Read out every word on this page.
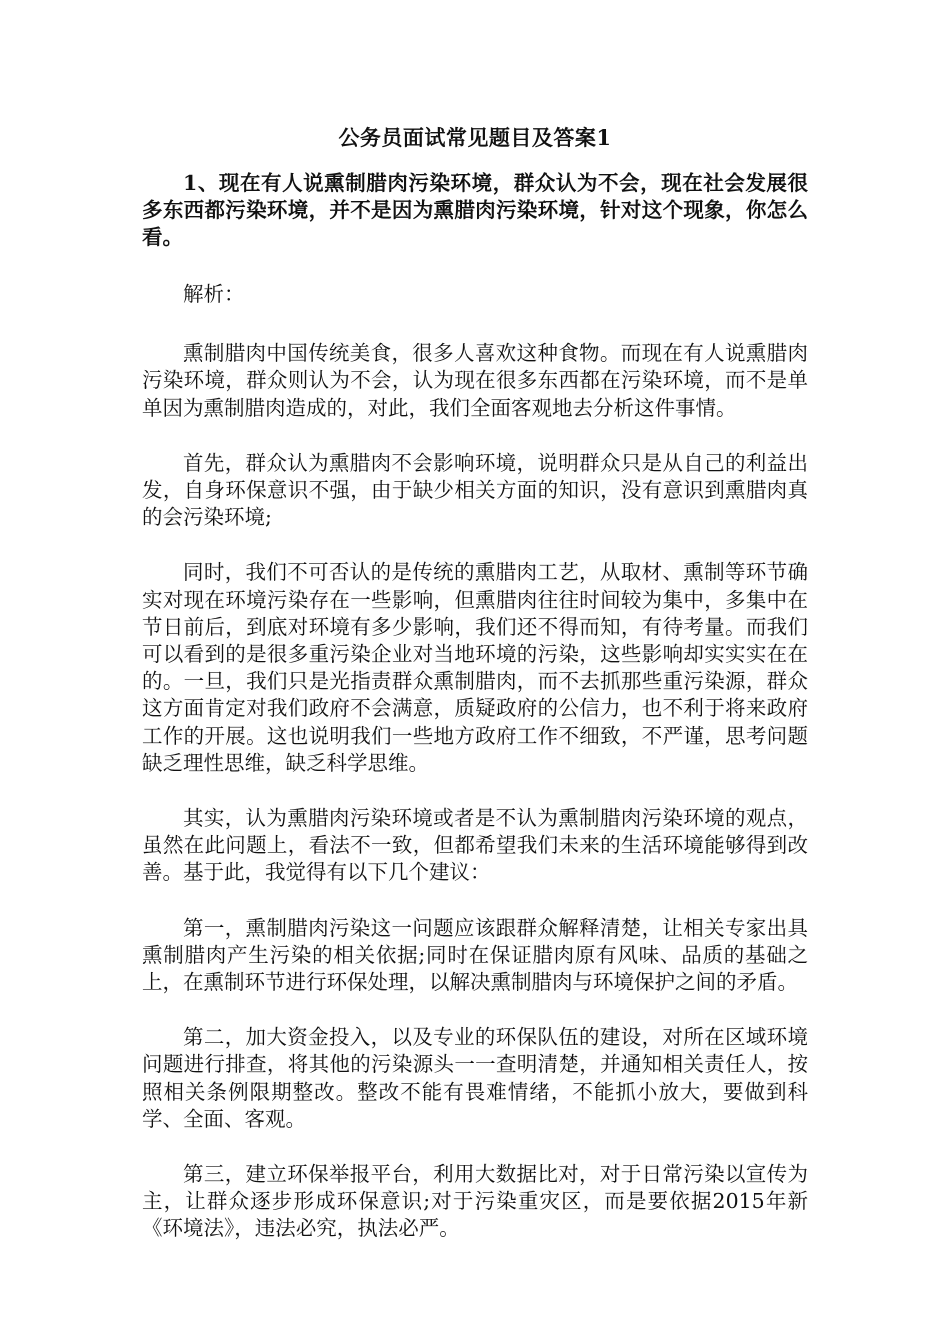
公务员面试常见题目及答案1
1、现在有人说熏制腊肉污染环境，群众认为不会，现在社会发展很多东西都污染环境，并不是因为熏腊肉污染环境，针对这个现象，你怎么看。
解析：
熏制腊肉中国传统美食，很多人喜欢这种食物。而现在有人说熏腊肉污染环境，群众则认为不会，认为现在很多东西都在污染环境，而不是单单因为熏制腊肉造成的，对此，我们全面客观地去分析这件事情。
首先，群众认为熏腊肉不会影响环境，说明群众只是从自己的利益出发，自身环保意识不强，由于缺少相关方面的知识，没有意识到熏腊肉真的会污染环境;
同时，我们不可否认的是传统的熏腊肉工艺，从取材、熏制等环节确实对现在环境污染存在一些影响，但熏腊肉往往时间较为集中，多集中在节日前后，到底对环境有多少影响，我们还不得而知，有待考量。而我们可以看到的是很多重污染企业对当地环境的污染，这些影响却实实实在在的。一旦，我们只是光指责群众熏制腊肉，而不去抓那些重污染源，群众这方面肯定对我们政府不会满意，质疑政府的公信力，也不利于将来政府工作的开展。这也说明我们一些地方政府工作不细致，不严谨，思考问题缺乏理性思维，缺乏科学思维。
其实，认为熏腊肉污染环境或者是不认为熏制腊肉污染环境的观点，虽然在此问题上，看法不一致，但都希望我们未来的生活环境能够得到改善。基于此，我觉得有以下几个建议：
第一，熏制腊肉污染这一问题应该跟群众解释清楚，让相关专家出具熏制腊肉产生污染的相关依据;同时在保证腊肉原有风味、品质的基础之上，在熏制环节进行环保处理，以解决熏制腊肉与环境保护之间的矛盾。
第二，加大资金投入，以及专业的环保队伍的建设，对所在区域环境问题进行排查，将其他的污染源头一一查明清楚，并通知相关责任人，按照相关条例限期整改。整改不能有畏难情绪，不能抓小放大，要做到科学、全面、客观。
第三，建立环保举报平台，利用大数据比对，对于日常污染以宣传为主，让群众逐步形成环保意识;对于污染重灾区，而是要依据2015年新《环境法》，违法必究，执法必严。
